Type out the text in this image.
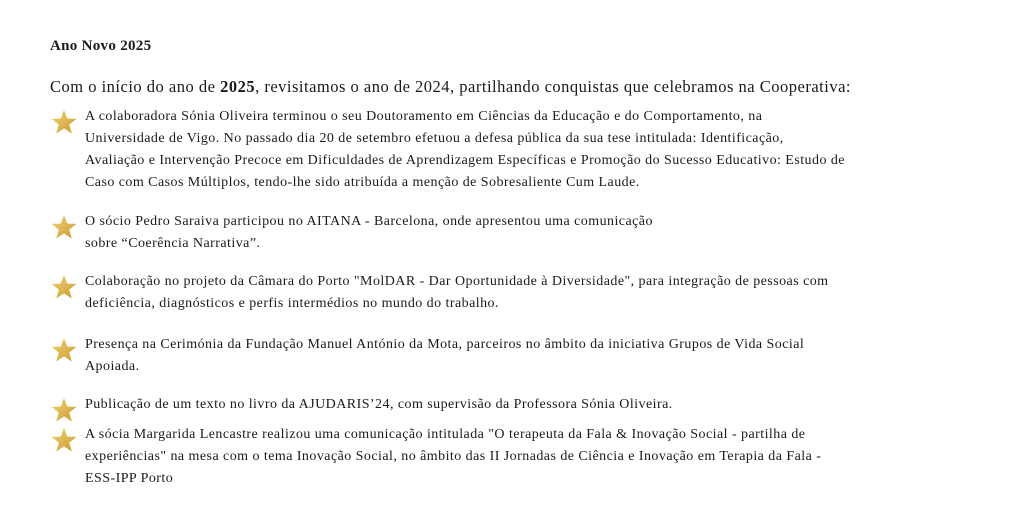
Ano Novo 2025

Com o início do ano de 2025, revisitamos o ano de 2024, partilhando conquistas que celebramos na Cooperativa:

A colaboradora Sónia Oliveira terminou o seu Doutoramento em Ciências da Educação e do Comportamento, na
Universidade de Vigo. No passado dia 20 de setembro efetuou a defesa pública da sua tese intitulada: Identificação,
Avaliação e Intervenção Precoce em Dificuldades de Aprendizagem Específicas e Promoção do Sucesso Educativo: Estudo de
Caso com Casos Múltiplos, tendo-lhe sido atribuída a menção de Sobresaliente Cum Laude.
O sócio Pedro Saraiva participou no AITANA - Barcelona, onde apresentou uma comunicação
sobre “Coerência Narrativa”.
Colaboração no projeto da Câmara do Porto "MolDAR - Dar Oportunidade à Diversidade", para integração de pessoas com
deficiência, diagnósticos e perfis intermédios no mundo do trabalho.
Presença na Cerimónia da Fundação Manuel António da Mota, parceiros no âmbito da iniciativa Grupos de Vida Social
Apoiada.
Publicação de um texto no livro da AJUDARIS’24, com supervisão da Professora Sónia Oliveira.
A sócia Margarida Lencastre realizou uma comunicação intitulada "O terapeuta da Fala & Inovação Social - partilha de
experiências" na mesa com o tema Inovação Social, no âmbito das II Jornadas de Ciência e Inovação em Terapia da Fala -
ESS-IPP Porto
